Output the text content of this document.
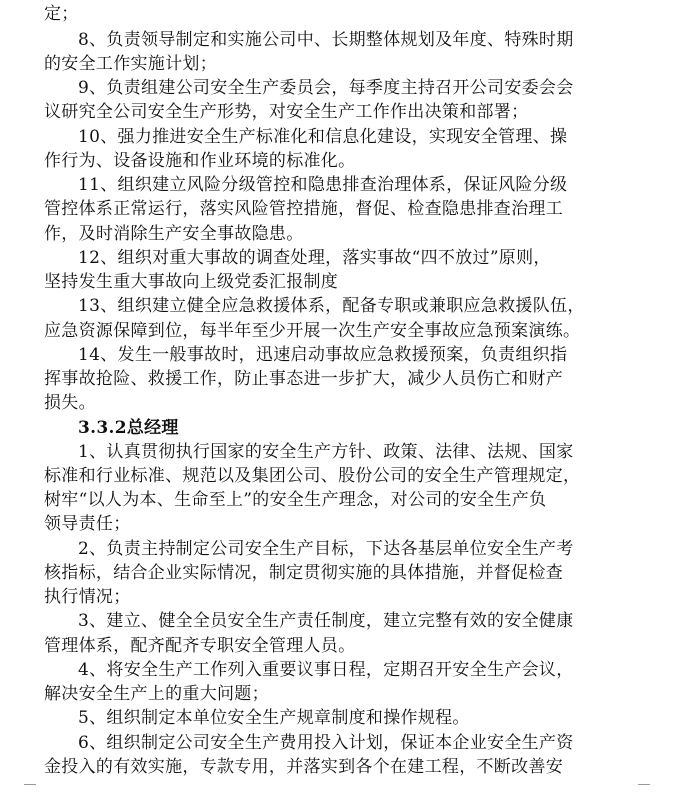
定；
8、负责领导制定和实施公司中、长期整体规划及年度、特殊时期
的安全工作实施计划；
9、负责组建公司安全生产委员会，每季度主持召开公司安委会会
议研究全公司安全生产形势，对安全生产工作作出决策和部署；
10、强力推进安全生产标准化和信息化建设，实现安全管理、操
作行为、设备设施和作业环境的标准化。
11、组织建立风险分级管控和隐患排查治理体系，保证风险分级
管控体系正常运行，落实风险管控措施，督促、检查隐患排查治理工
作，及时消除生产安全事故隐患。
12、组织对重大事故的调查处理，落实事故“四不放过”原则，
坚持发生重大事故向上级党委汇报制度
13、组织建立健全应急救援体系，配备专职或兼职应急救援队伍，
应急资源保障到位，每半年至少开展一次生产安全事故应急预案演练。
14、发生一般事故时，迅速启动事故应急救援预案，负责组织指
挥事故抢险、救援工作，防止事态进一步扩大，减少人员伤亡和财产
损失。
3.3.2总经理
1、认真贯彻执行国家的安全生产方针、政策、法律、法规、国家
标准和行业标准、规范以及集团公司、股份公司的安全生产管理规定，
树牢“以人为本、生命至上”的安全生产理念，对公司的安全生产负
领导责任；
2、负责主持制定公司安全生产目标，下达各基层单位安全生产考
核指标，结合企业实际情况，制定贯彻实施的具体措施，并督促检查
执行情况；
3、建立、健全全员安全生产责任制度，建立完整有效的安全健康
管理体系，配齐配齐专职安全管理人员。
4、将安全生产工作列入重要议事日程，定期召开安全生产会议，
解决安全生产上的重大问题；
5、组织制定本单位安全生产规章制度和操作规程。
6、组织制定公司安全生产费用投入计划，保证本企业安全生产资
金投入的有效实施，专款专用，并落实到各个在建工程，不断改善安
